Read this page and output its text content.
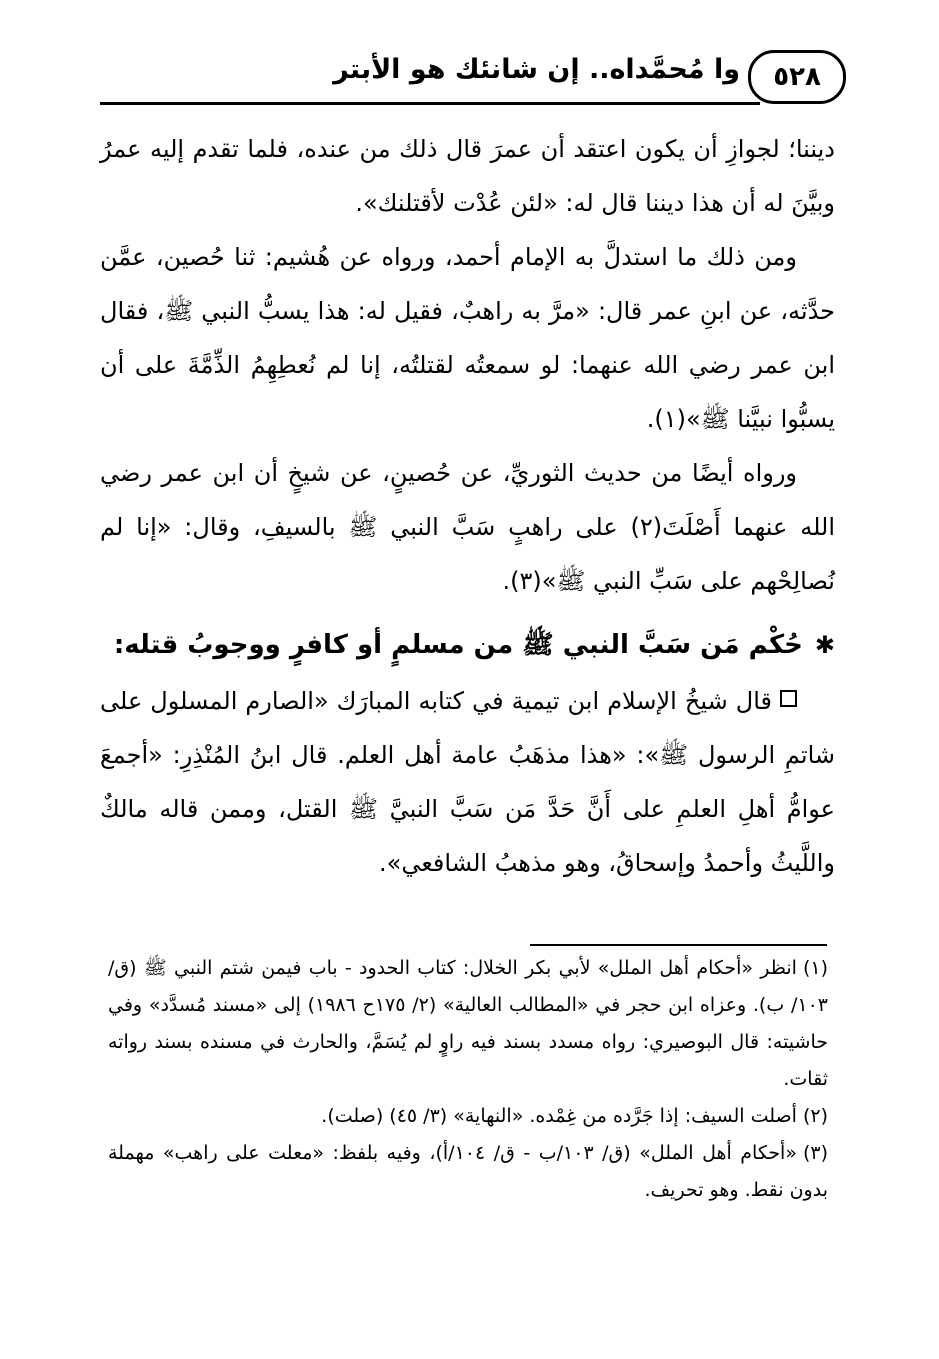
٥٢٨
وا مُحمَّداه.. إن شانئك هو الأبتر

ديننا؛ لجوازِ أن يكون اعتقد أن عمرَ قال ذلك من عنده، فلما تقدم إليه عمرُ وبيَّنَ له أن هذا ديننا قال له: «لئن عُدْت لأقتلنك».

ومن ذلك ما استدلَّ به الإمام أحمد، ورواه عن هُشيم: ثنا حُصين، عمَّن حدَّثه، عن ابنِ عمر قال: «مرَّ به راهبٌ، فقيل له: هذا يسبُّ النبي ﷺ، فقال ابن عمر رضي الله عنهما: لو سمعتُه لقتلتُه، إنا لم نُعطِهِمُ الذِّمَّةَ على أن يسبُّوا نبيَّنا ﷺ»(١).

ورواه أيضًا من حديث الثوريِّ، عن حُصينٍ، عن شيخٍ أن ابن عمر رضي الله عنهما أَصْلَتَ(٢) على راهبٍ سَبَّ النبي ﷺ بالسيفِ، وقال: «إنا لم نُصالِحْهم على سَبِّ النبي ﷺ»(٣).

✱
حُكْم مَن سَبَّ النبي ﷺ من مسلمٍ أو كافرٍ ووجوبُ قتله:

قال شيخُ الإسلام ابن تيمية في كتابه المبارَك «الصارم المسلول على شاتمِ الرسول ﷺ»: «هذا مذهَبُ عامة أهل العلم. قال ابنُ المُنْذِرِ: «أجمعَ عوامُّ أهلِ العلمِ على أَنَّ حَدَّ مَن سَبَّ النبيَّ ﷺ القتل، وممن قاله مالكٌ واللَّيثُ وأحمدُ وإسحاقُ، وهو مذهبُ الشافعي».

(١)انظر «أحكام أهل الملل» لأبي بكر الخلال: كتاب الحدود - باب فيمن شتم النبي ﷺ (ق/ ١٠٣/ ب). وعزاه ابن حجر في «المطالب العالية» (٢/ ١٧٥ح ١٩٨٦) إلى «مسند مُسدَّد» وفي حاشيته: قال البوصيري: رواه مسدد بسند فيه راوٍ لم يُسَمَّ، والحارث في مسنده بسند رواته ثقات.

(٢)أصلت السيف: إذا جَرَّده من غِمْده. «النهاية» (٣/ ٤٥) (صلت).

(٣)«أحكام أهل الملل» (ق/ ١٠٣/ب - ق/ ١٠٤/أ)، وفيه بلفظ: «معلت على راهب» مهملة بدون نقط. وهو تحريف.
